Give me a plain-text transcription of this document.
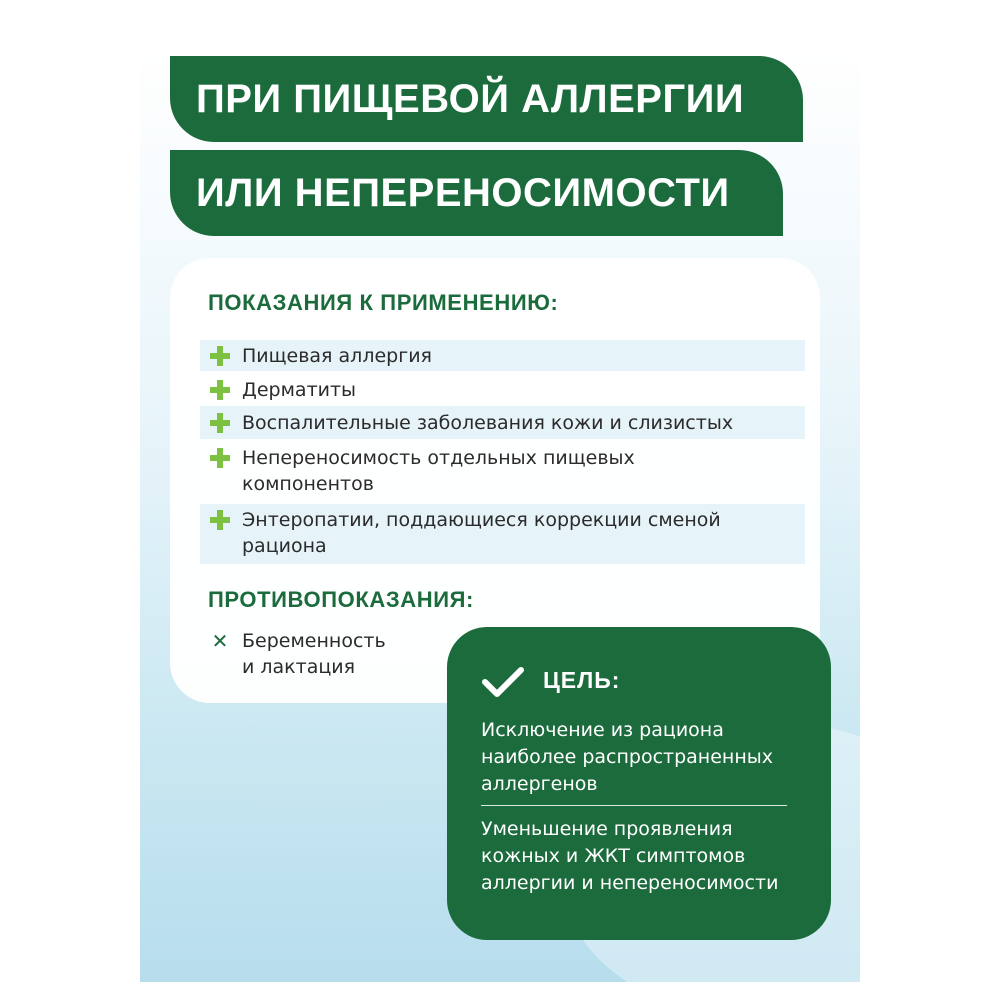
ПРИ ПИЩЕВОЙ АЛЛЕРГИИ
ИЛИ НЕПЕРЕНОСИМОСТИ
ПОКАЗАНИЯ К ПРИМЕНЕНИЮ:
Пищевая аллергия
Дерматиты
Воспалительные заболевания кожи и слизистых
Непереносимость отдельных пищевых
компонентов
Энтеропатии, поддающиеся коррекции сменой
рациона
ПРОТИВОПОКАЗАНИЯ:
✕ Беременность
и лактация	ЦЕЛЬ:
Исключение из рациона
наиболее распространенных
аллергенов
Уменьшение проявления
кожных и ЖКТ симптомов
аллергии и непереносимости
